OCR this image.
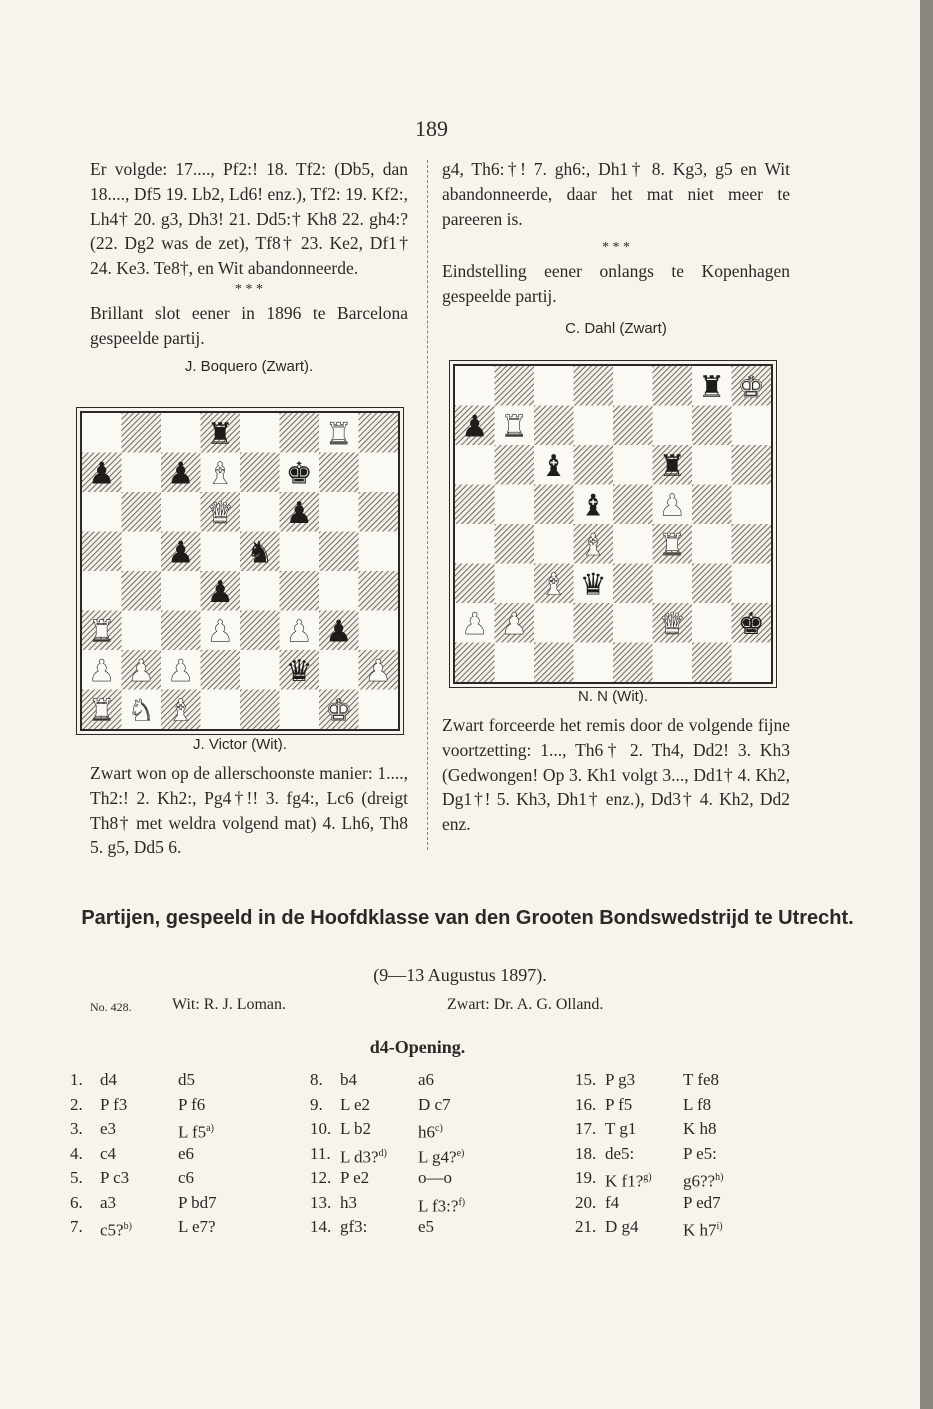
189

Er volgde: 17...., Pf2:! 18. Tf2: (Db5, dan 18...., Df5 19. Lb2, Ld6! enz.), Tf2: 19. Kf2:, Lh4† 20. g3, Dh3! 21. Dd5:† Kh8 22. gh4:? (22. Dg2 was de zet), Tf8† 23. Ke2, Df1† 24. Ke3. Te8†, en Wit abandonneerde.

* * *

Brillant slot eener in 1896 te Barcelona gespeelde partij.

J. Boquero (Zwart).
♜	♜
♟ ♟ ♝ ♚
♛ ♟
♟ ♞
♟
♜	♟ ♟ ♟
♟ ♟ ♟	♛ ♟
♜ ♞ ♝	♚
J. Victor (Wit).
Zwart won op de allerschoonste manier: 1...., Th2:! 2. Kh2:, Pg4†!! 3. fg4:, Lc6 (dreigt Th8† met weldra volgend mat) 4. Lh6, Th8 5. g5, Dd5 6.

g4, Th6:†! 7. gh6:, Dh1† 8. Kg3, g5 en Wit abandonneerde, daar het mat niet meer te pareeren is.

* * *

Eindstelling eener onlangs te Kopenhagen gespeelde partij.

C. Dahl (Zwart)
♜ ♚
♟ ♜
♝	♜
♝ ♟
♝ ♜
♝ ♛
♟ ♟	♛ ♚
N. N (Wit).
Zwart forceerde het remis door de volgende fijne voortzetting: 1..., Th6† 2. Th4, Dd2! 3. Kh3 (Gedwongen! Op 3. Kh1 volgt 3..., Dd1† 4. Kh2, Dg1†! 5. Kh3, Dh1† enz.), Dd3† 4. Kh2, Dd2 enz.
Partijen, gespeeld in de Hoofdklasse van den Grooten Bondswedstrijd te Utrecht.
(9—13 Augustus 1897).
No. 428.	Wit: R. J. Loman.	Zwart: Dr. A. G. Olland.
d4-Opening.
1. d4	d5
2. P f3	P f6
3. e3	L f5$^{a)}$
4. c4	e6
5. P c3	c6
6. a3	P bd7
7. c5?$^{b)}$	L e7?
8. b4	a6
9. L e2	D c7
10. L b2	h6$^{c)}$
11. L d3?$^{d)}$ L g4?$^{e)}$
12. P e2	o—o
13. h3	L f3:?$^{f)}$
14. gf3:	e5
15. P g3	T fe8
16. P f5	L f8
17. T g1	K h8
18. de5:	P e5:
19. K f1?$^{g)}$ g6??$^{h)}$
20. f4	P ed7
21. D g4	K h7$^{i)}$
